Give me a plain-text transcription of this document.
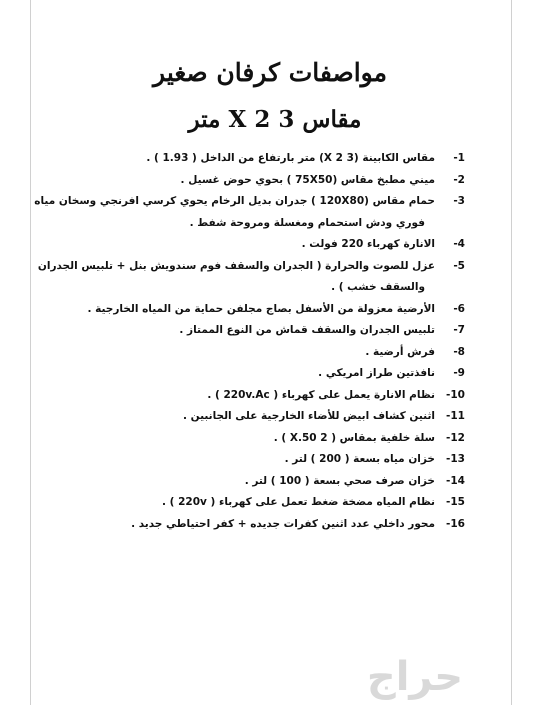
مواصفات كرفان صغير
مقاس 3 X 2 متر
-1
مقاس الكابينة (3 X 2) متر بارتفاع من الداخل ( 1.93 ) .
-2
ميني مطبخ مقاس (75X50 ) بحوي حوض غسيل .
-3
حمام مقاس (120X80 ) جدران بديل الرخام يحوي كرسي افرنجي وسخان مياه
فوري ودش استحمام ومغسلة ومروحة شفط .
-4
الانارة كهرباء 220 فولت .
-5
عزل للصوت والحرارة ( الجدران والسقف فوم سندويش بنل + تلبيس الجدران
والسقف خشب ) .
-6
الأرضية معزولة من الأسفل بصاج مجلفن حماية من المياه الخارجية .
-7
تلبيس الجدران والسقف قماش من النوع الممتاز .
-8
فرش أرضية .
-9
نافذتين طراز امريكي .
-10
نظام الانارة يعمل على كهرباء ( 220v.Ac ) .
-11
اثنين كشاف ابيض للأضاء الخارجية على الجانبين .
-12
سلة خلفية بمقاس ( 2 X.50 ) .
-13
خزان مياه بسعة ( 200 ) لتر .
-14
خزان صرف صحي بسعة ( 100 ) لتر .
-15
نظام المياه مضخة ضغط تعمل على كهرباء ( 220v ) .
-16
محور داخلي عدد اثنين كفرات جديده + كفر احتياطي جديد .
حراج
